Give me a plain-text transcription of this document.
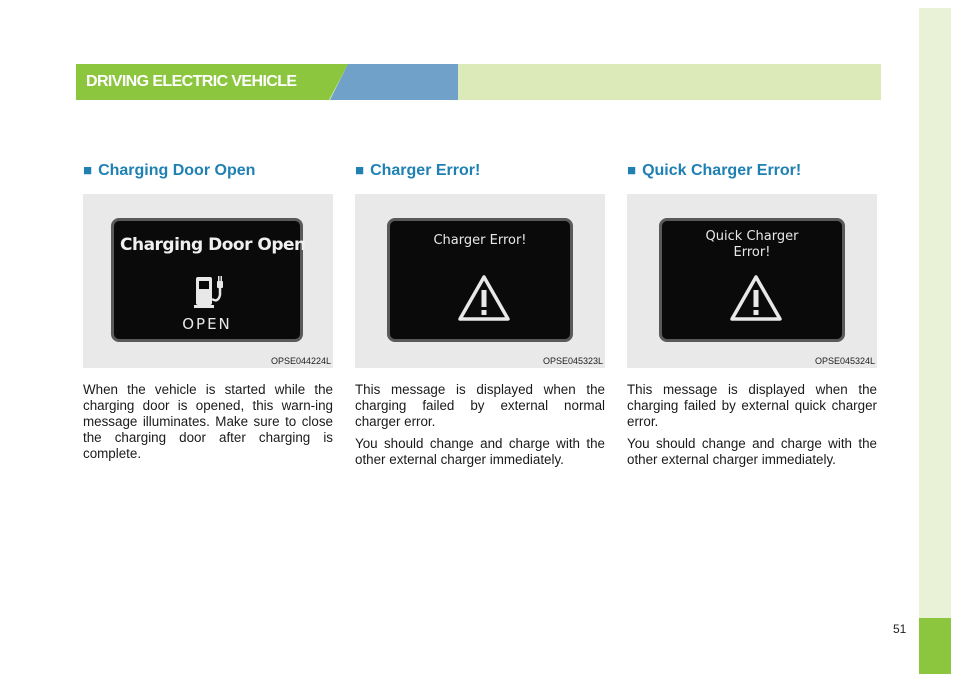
51
DRIVING ELECTRIC VEHICLE
■ Charging Door Open
Charging Door Open
OPEN
OPSE044224L

When the vehicle is started while the charging door is opened, this warn-ing message illuminates. Make sure to close the charging door after charging is complete.

■ Charger Error!
Charger Error!
OPSE045323L

This message is displayed when the charging failed by external normal charger error.

You should change and charge with the other external charger immediately.

■ Quick Charger Error!
Quick Charger
Error!
OPSE045324L

This message is displayed when the charging failed by external quick charger error.

You should change and charge with the other external charger immediately.
